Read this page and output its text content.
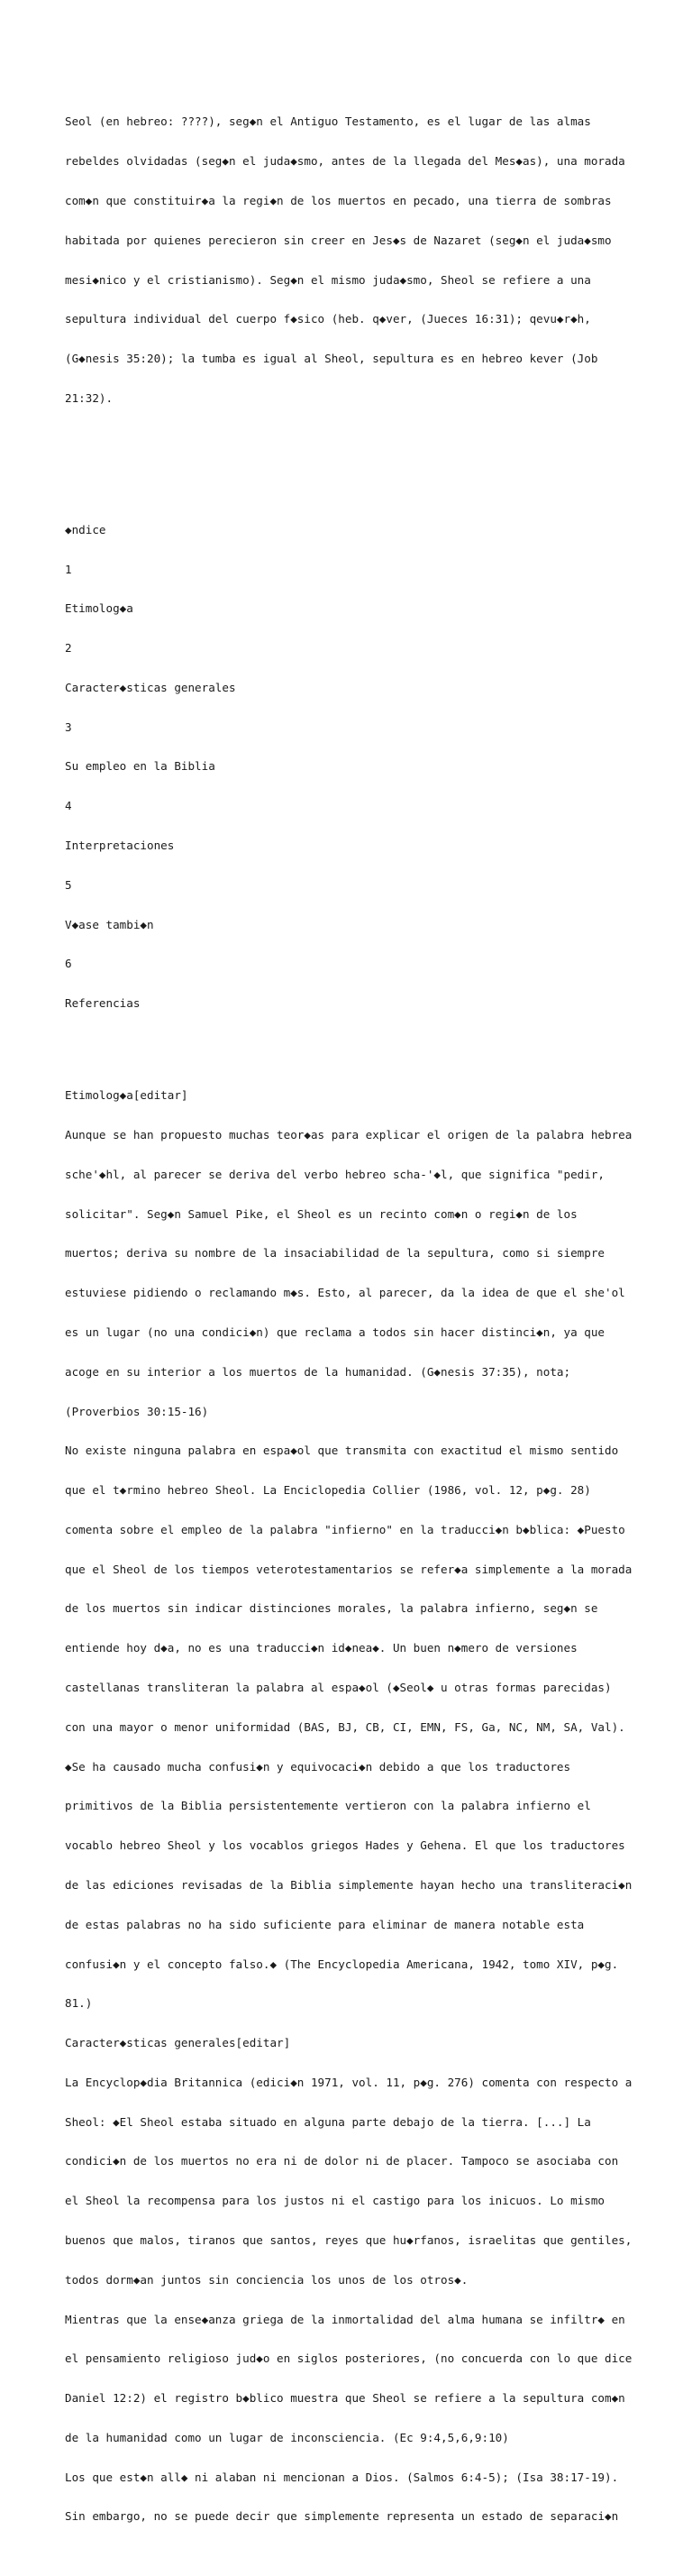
Seol (en hebreo: ????), seg◆n el Antiguo Testamento, es el lugar de las almas

rebeldes olvidadas (seg◆n el juda◆smo, antes de la llegada del Mes◆as), una morada

com◆n que constituir◆a la regi◆n de los muertos en pecado, una tierra de sombras

habitada por quienes perecieron sin creer en Jes◆s de Nazaret (seg◆n el juda◆smo

mesi◆nico y el cristianismo). Seg◆n el mismo juda◆smo, Sheol se refiere a una

sepultura individual del cuerpo f◆sico (heb. q◆ver, (Jueces 16:31); qevu◆r◆h,

(G◆nesis 35:20); la tumba es igual al Sheol, sepultura es en hebreo kever (Job

21:32).

◆ndice

1

Etimolog◆a

2

Caracter◆sticas generales

3

Su empleo en la Biblia

4

Interpretaciones

5

V◆ase tambi◆n

6

Referencias

Etimolog◆a[editar]

Aunque se han propuesto muchas teor◆as para explicar el origen de la palabra hebrea

sche'◆hl, al parecer se deriva del verbo hebreo scha-'◆l, que significa "pedir,

solicitar". Seg◆n Samuel Pike, el Sheol es un recinto com◆n o regi◆n de los

muertos; deriva su nombre de la insaciabilidad de la sepultura, como si siempre

estuviese pidiendo o reclamando m◆s. Esto, al parecer, da la idea de que el she'ol

es un lugar (no una condici◆n) que reclama a todos sin hacer distinci◆n, ya que

acoge en su interior a los muertos de la humanidad. (G◆nesis 37:35), nota;

(Proverbios 30:15-16)

No existe ninguna palabra en espa◆ol que transmita con exactitud el mismo sentido

que el t◆rmino hebreo Sheol. La Enciclopedia Collier (1986, vol. 12, p◆g. 28)

comenta sobre el empleo de la palabra "infierno" en la traducci◆n b◆blica: ◆Puesto

que el Sheol de los tiempos veterotestamentarios se refer◆a simplemente a la morada

de los muertos sin indicar distinciones morales, la palabra infierno, seg◆n se

entiende hoy d◆a, no es una traducci◆n id◆nea◆. Un buen n◆mero de versiones

castellanas transliteran la palabra al espa◆ol (◆Seol◆ u otras formas parecidas)

con una mayor o menor uniformidad (BAS, BJ, CB, CI, EMN, FS, Ga, NC, NM, SA, Val).

◆Se ha causado mucha confusi◆n y equivocaci◆n debido a que los traductores

primitivos de la Biblia persistentemente vertieron con la palabra infierno el

vocablo hebreo Sheol y los vocablos griegos Hades y Gehena. El que los traductores

de las ediciones revisadas de la Biblia simplemente hayan hecho una transliteraci◆n

de estas palabras no ha sido suficiente para eliminar de manera notable esta

confusi◆n y el concepto falso.◆ (The Encyclopedia Americana, 1942, tomo XIV, p◆g.

81.)

Caracter◆sticas generales[editar]

La Encyclop◆dia Britannica (edici◆n 1971, vol. 11, p◆g. 276) comenta con respecto a

Sheol: ◆El Sheol estaba situado en alguna parte debajo de la tierra. [...] La

condici◆n de los muertos no era ni de dolor ni de placer. Tampoco se asociaba con

el Sheol la recompensa para los justos ni el castigo para los inicuos. Lo mismo

buenos que malos, tiranos que santos, reyes que hu◆rfanos, israelitas que gentiles,

todos dorm◆an juntos sin conciencia los unos de los otros◆.

Mientras que la ense◆anza griega de la inmortalidad del alma humana se infiltr◆ en

el pensamiento religioso jud◆o en siglos posteriores, (no concuerda con lo que dice

Daniel 12:2) el registro b◆blico muestra que Sheol se refiere a la sepultura com◆n

de la humanidad como un lugar de inconsciencia. (Ec 9:4,5,6,9:10)

Los que est◆n all◆ ni alaban ni mencionan a Dios. (Salmos 6:4-5); (Isa 38:17-19).

Sin embargo, no se puede decir que simplemente representa un estado de separaci◆n
